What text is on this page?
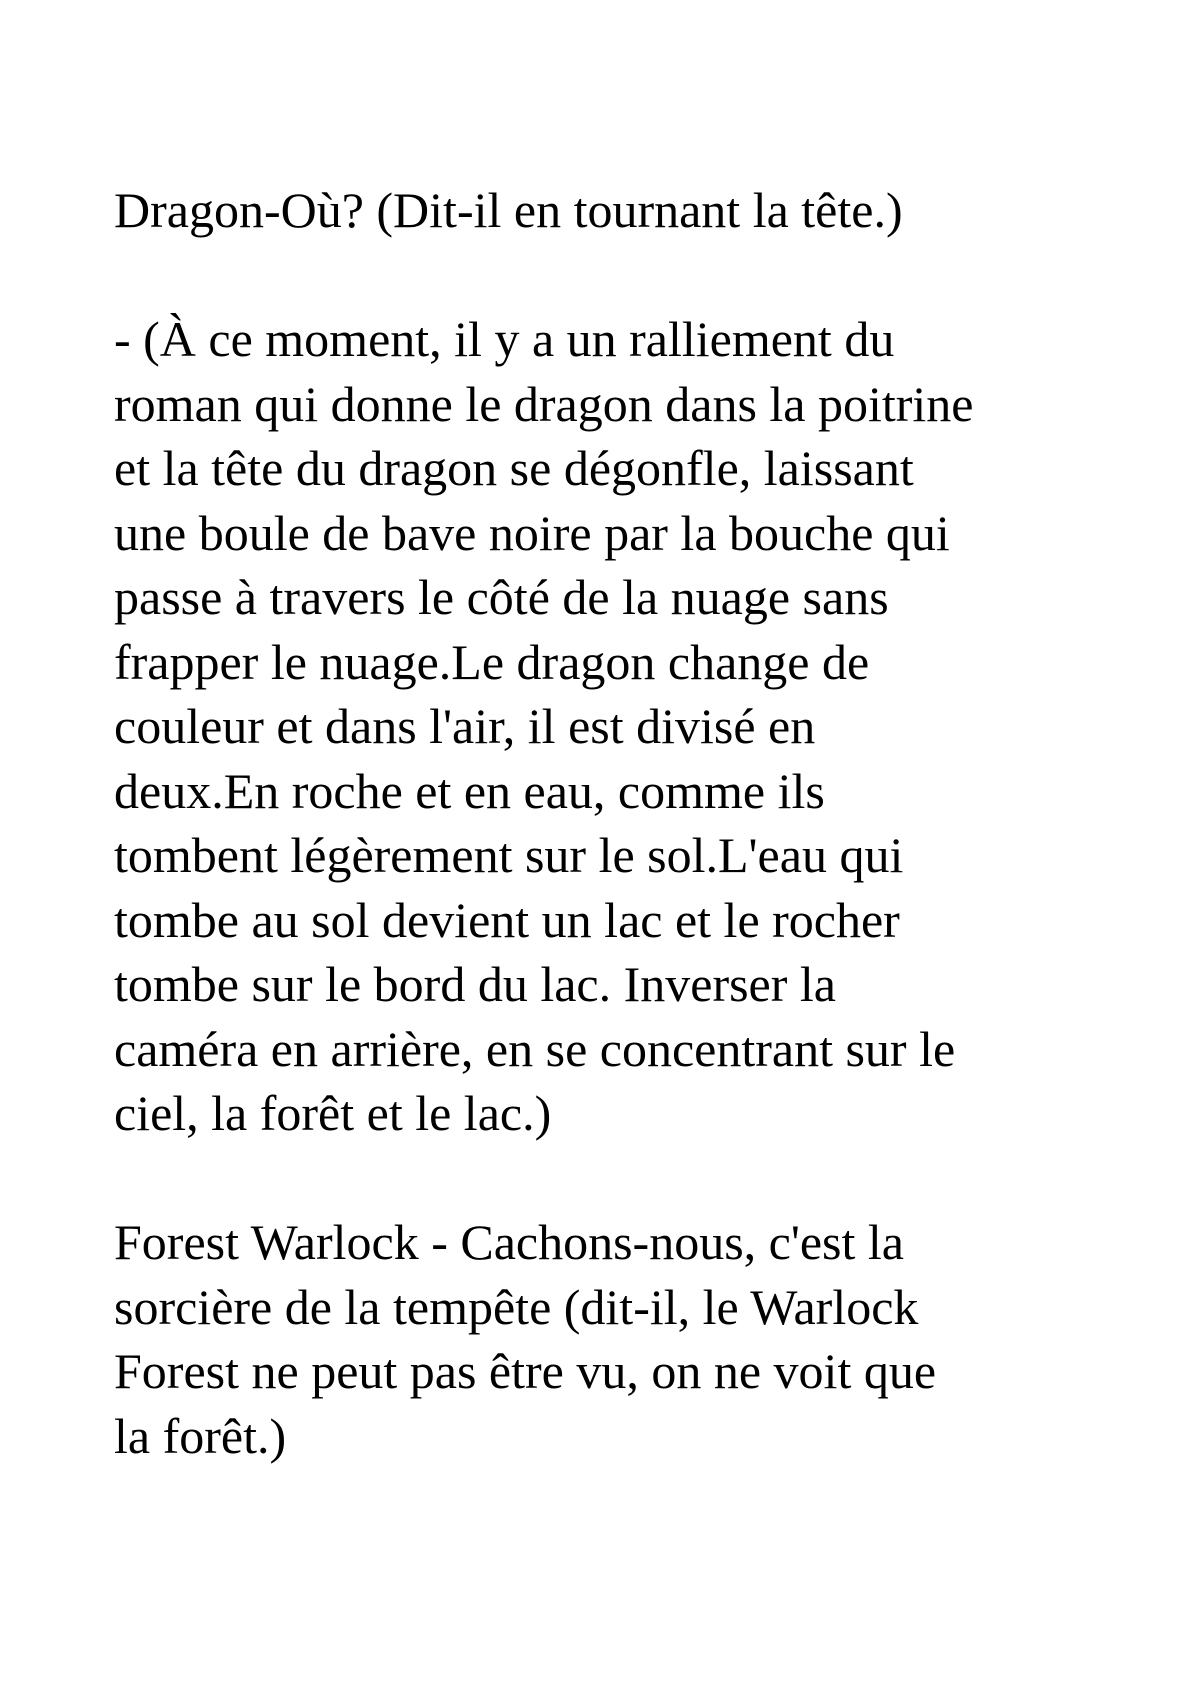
Dragon-Où? (Dit-il en tournant la tête.)
- (À ce moment, il y a un ralliement du
roman qui donne le dragon dans la poitrine
et la tête du dragon se dégonfle, laissant
une boule de bave noire par la bouche qui
passe à travers le côté de la nuage sans
frapper le nuage.Le dragon change de
couleur et dans l'air, il est divisé en
deux.En roche et en eau, comme ils
tombent légèrement sur le sol.L'eau qui
tombe au sol devient un lac et le rocher
tombe sur le bord du lac. Inverser la
caméra en arrière, en se concentrant sur le
ciel, la forêt et le lac.)
Forest Warlock - Cachons-nous, c'est la
sorcière de la tempête (dit-il, le Warlock
Forest ne peut pas être vu, on ne voit que
la forêt.)
